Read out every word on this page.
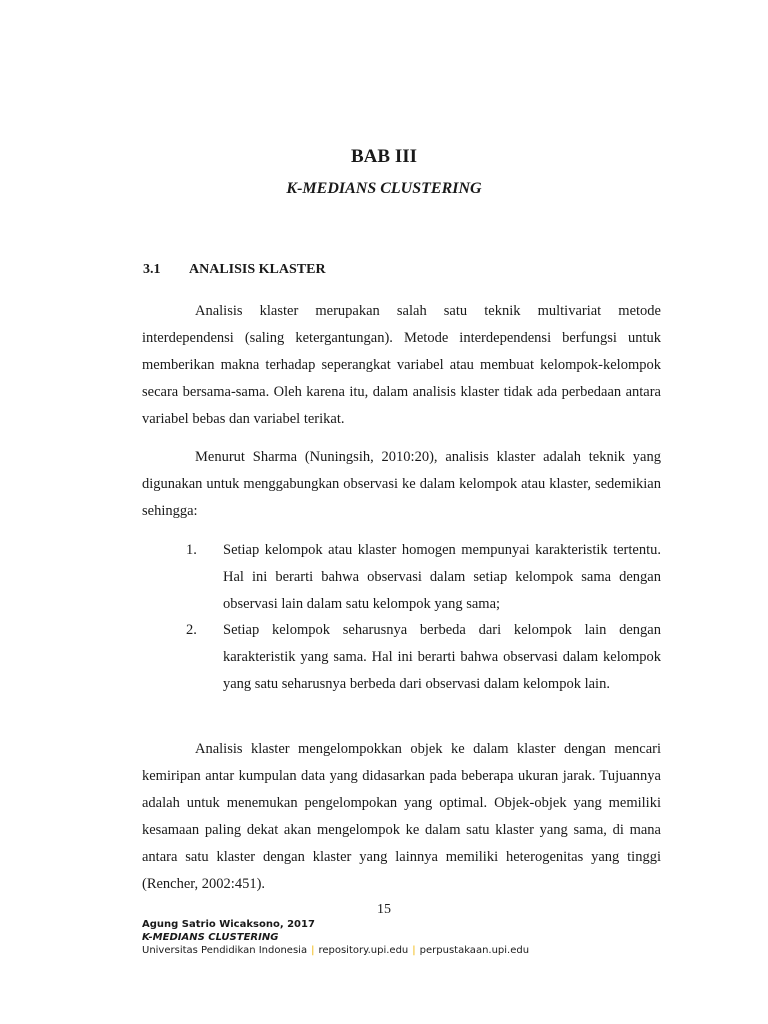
BAB III
K-MEDIANS CLUSTERING
3.1 ANALISIS KLASTER

Analisis klaster merupakan salah satu teknik multivariat metode interdependensi (saling ketergantungan). Metode interdependensi berfungsi untuk memberikan makna terhadap seperangkat variabel atau membuat kelompok-kelompok secara bersama-sama. Oleh karena itu, dalam analisis klaster tidak ada perbedaan antara variabel bebas dan variabel terikat.

Menurut Sharma (Nuningsih, 2010:20), analisis klaster adalah teknik yang digunakan untuk menggabungkan observasi ke dalam kelompok atau klaster, sedemikian sehingga:

1. Setiap kelompok atau klaster homogen mempunyai karakteristik tertentu. Hal ini berarti bahwa observasi dalam setiap kelompok sama dengan observasi lain dalam satu kelompok yang sama;
2. Setiap kelompok seharusnya berbeda dari kelompok lain dengan karakteristik yang sama. Hal ini berarti bahwa observasi dalam kelompok yang satu seharusnya berbeda dari observasi dalam kelompok lain.

Analisis klaster mengelompokkan objek ke dalam klaster dengan mencari kemiripan antar kumpulan data yang didasarkan pada beberapa ukuran jarak. Tujuannya adalah untuk menemukan pengelompokan yang optimal. Objek-objek yang memiliki kesamaan paling dekat akan mengelompok ke dalam satu klaster yang sama, di mana antara satu klaster dengan klaster yang lainnya memiliki heterogenitas yang tinggi (Rencher, 2002:451).

15
Agung Satrio Wicaksono, 2017
K-MEDIANS CLUSTERING
Universitas Pendidikan Indonesia | repository.upi.edu | perpustakaan.upi.edu
